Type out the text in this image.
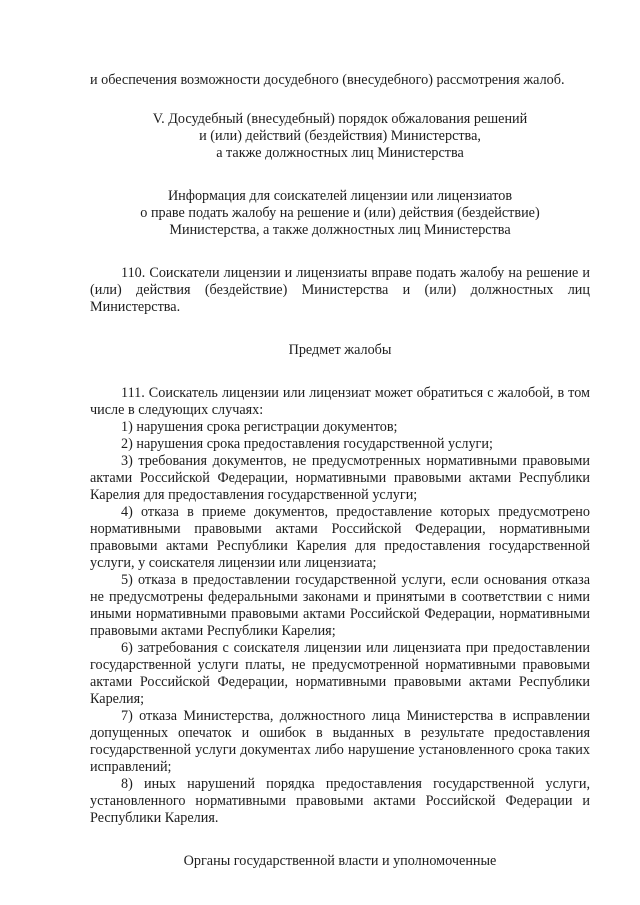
и обеспечения возможности досудебного (внесудебного) рассмотрения жалоб.

V. Досудебный (внесудебный) порядок обжалования решений

и (или) действий (бездействия) Министерства,

а также должностных лиц Министерства

Информация для соискателей лицензии или лицензиатов

о праве подать жалобу на решение и (или) действия (бездействие)

Министерства, а также должностных лиц Министерства

110. Соискатели лицензии и лицензиаты вправе подать жалобу на решение и (или) действия (бездействие) Министерства и (или) должностных лиц Министерства.

Предмет жалобы

111. Соискатель лицензии или лицензиат может обратиться с жалобой, в том числе в следующих случаях:

1) нарушения срока регистрации документов;

2) нарушения срока предоставления государственной услуги;

3) требования документов, не предусмотренных нормативными правовыми актами Российской Федерации, нормативными правовыми актами Республики Карелия для предоставления государственной услуги;

4) отказа в приеме документов, предоставление которых предусмотрено нормативными правовыми актами Российской Федерации, нормативными правовыми актами Республики Карелия для предоставления государственной услуги, у соискателя лицензии или лицензиата;

5) отказа в предоставлении государственной услуги, если основания отказа не предусмотрены федеральными законами и принятыми в соответствии с ними иными нормативными правовыми актами Российской Федерации, нормативными правовыми актами Республики Карелия;

6) затребования с соискателя лицензии или лицензиата при предоставлении государственной услуги платы, не предусмотренной нормативными правовыми актами Российской Федерации, нормативными правовыми актами Республики Карелия;

7) отказа Министерства, должностного лица Министерства в исправлении допущенных опечаток и ошибок в выданных в результате предоставления государственной услуги документах либо нарушение установленного срока таких исправлений;

8) иных нарушений порядка предоставления государственной услуги, установленного нормативными правовыми актами Российской Федерации и Республики Карелия.

Органы государственной власти и уполномоченные
